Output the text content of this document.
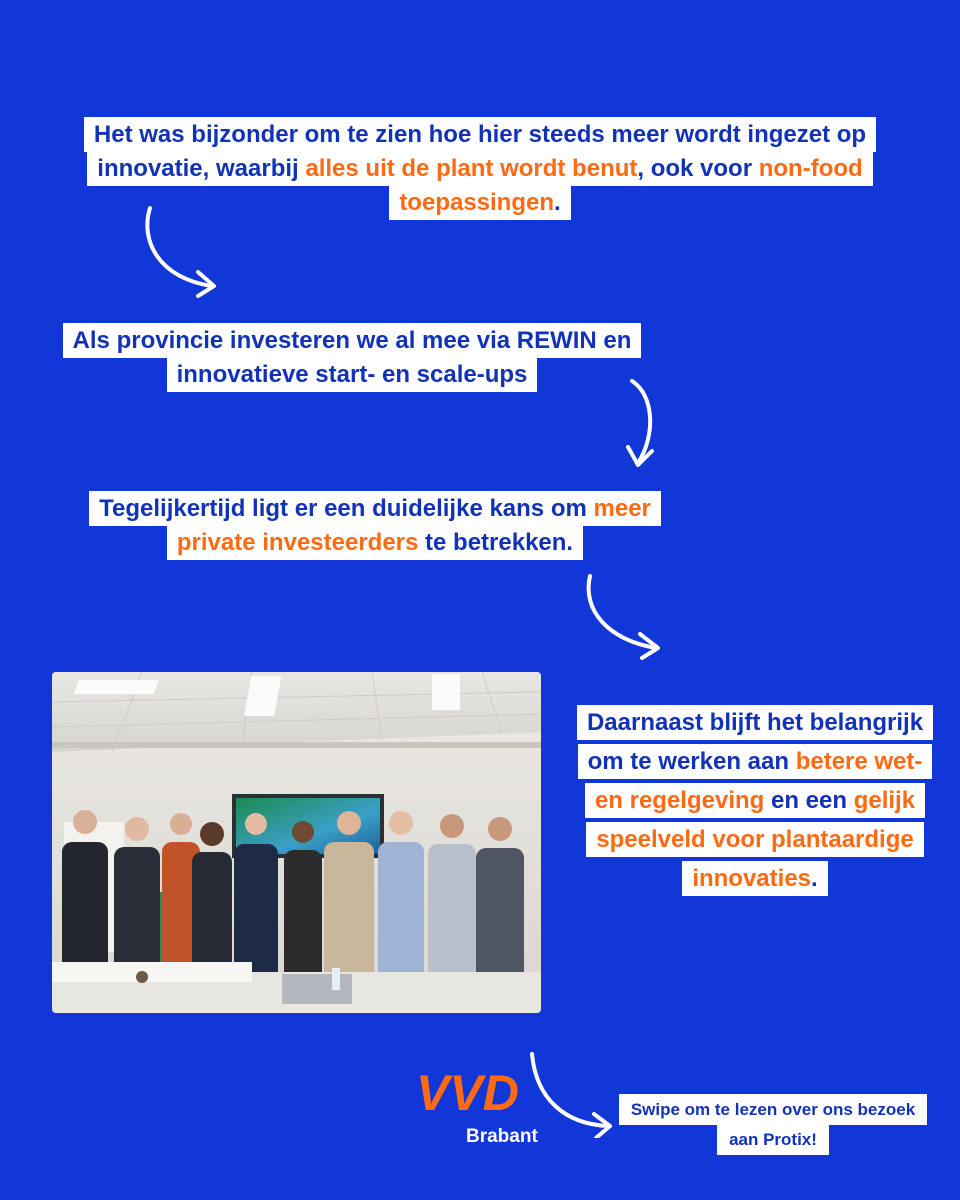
Het was bijzonder om te zien hoe hier steeds meer wordt ingezet op innovatie, waarbij alles uit de plant wordt benut, ook voor non-food toepassingen.
Als provincie investeren we al mee via REWIN en innovatieve start- en scale-ups
Tegelijkertijd ligt er een duidelijke kans om meer private investeerders te betrekken.
Daarnaast blijft het belangrijk om te werken aan betere wet- en regelgeving en een gelijk speelveld voor plantaardige innovaties.
VVD
Brabant
Swipe om te lezen over ons bezoek aan Protix!
